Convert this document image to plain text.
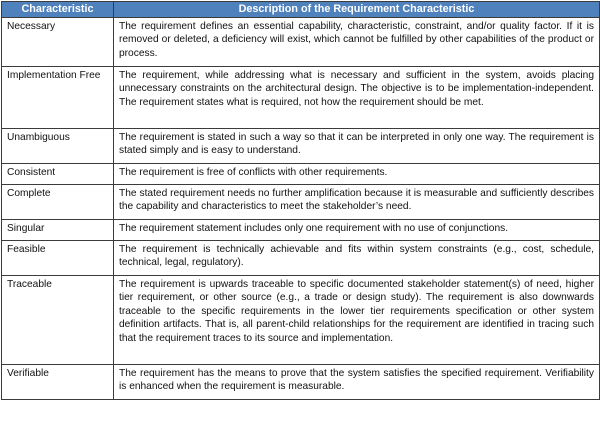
Characteristic	Description of the Requirement Characteristic
Necessary	The requirement defines an essential capability, characteristic, constraint, and/or quality factor. If it is removed or deleted, a deficiency will exist, which cannot be fulfilled by other capabilities of the product or process.
Implementation Free	The requirement, while addressing what is necessary and sufficient in the system, avoids placing unnecessary constraints on the architectural design. The objective is to be implementation-independent. The requirement states what is required, not how the requirement should be met.
Unambiguous	The requirement is stated in such a way so that it can be interpreted in only one way. The requirement is stated simply and is easy to understand.
Consistent	The requirement is free of conflicts with other requirements.
Complete	The stated requirement needs no further amplification because it is measurable and sufficiently describes the capability and characteristics to meet the stakeholder’s need.
Singular	The requirement statement includes only one requirement with no use of conjunctions.
Feasible	The requirement is technically achievable and fits within system constraints (e.g., cost, schedule, technical, legal, regulatory).
Traceable	The requirement is upwards traceable to specific documented stakeholder statement(s) of need, higher tier requirement, or other source (e.g., a trade or design study). The requirement is also downwards traceable to the specific requirements in the lower tier requirements specification or other system definition artifacts. That is, all parent-child relationships for the requirement are identified in tracing such that the requirement traces to its source and implementation.
Verifiable	The requirement has the means to prove that the system satisfies the specified requirement. Verifiability is enhanced when the requirement is measurable.
